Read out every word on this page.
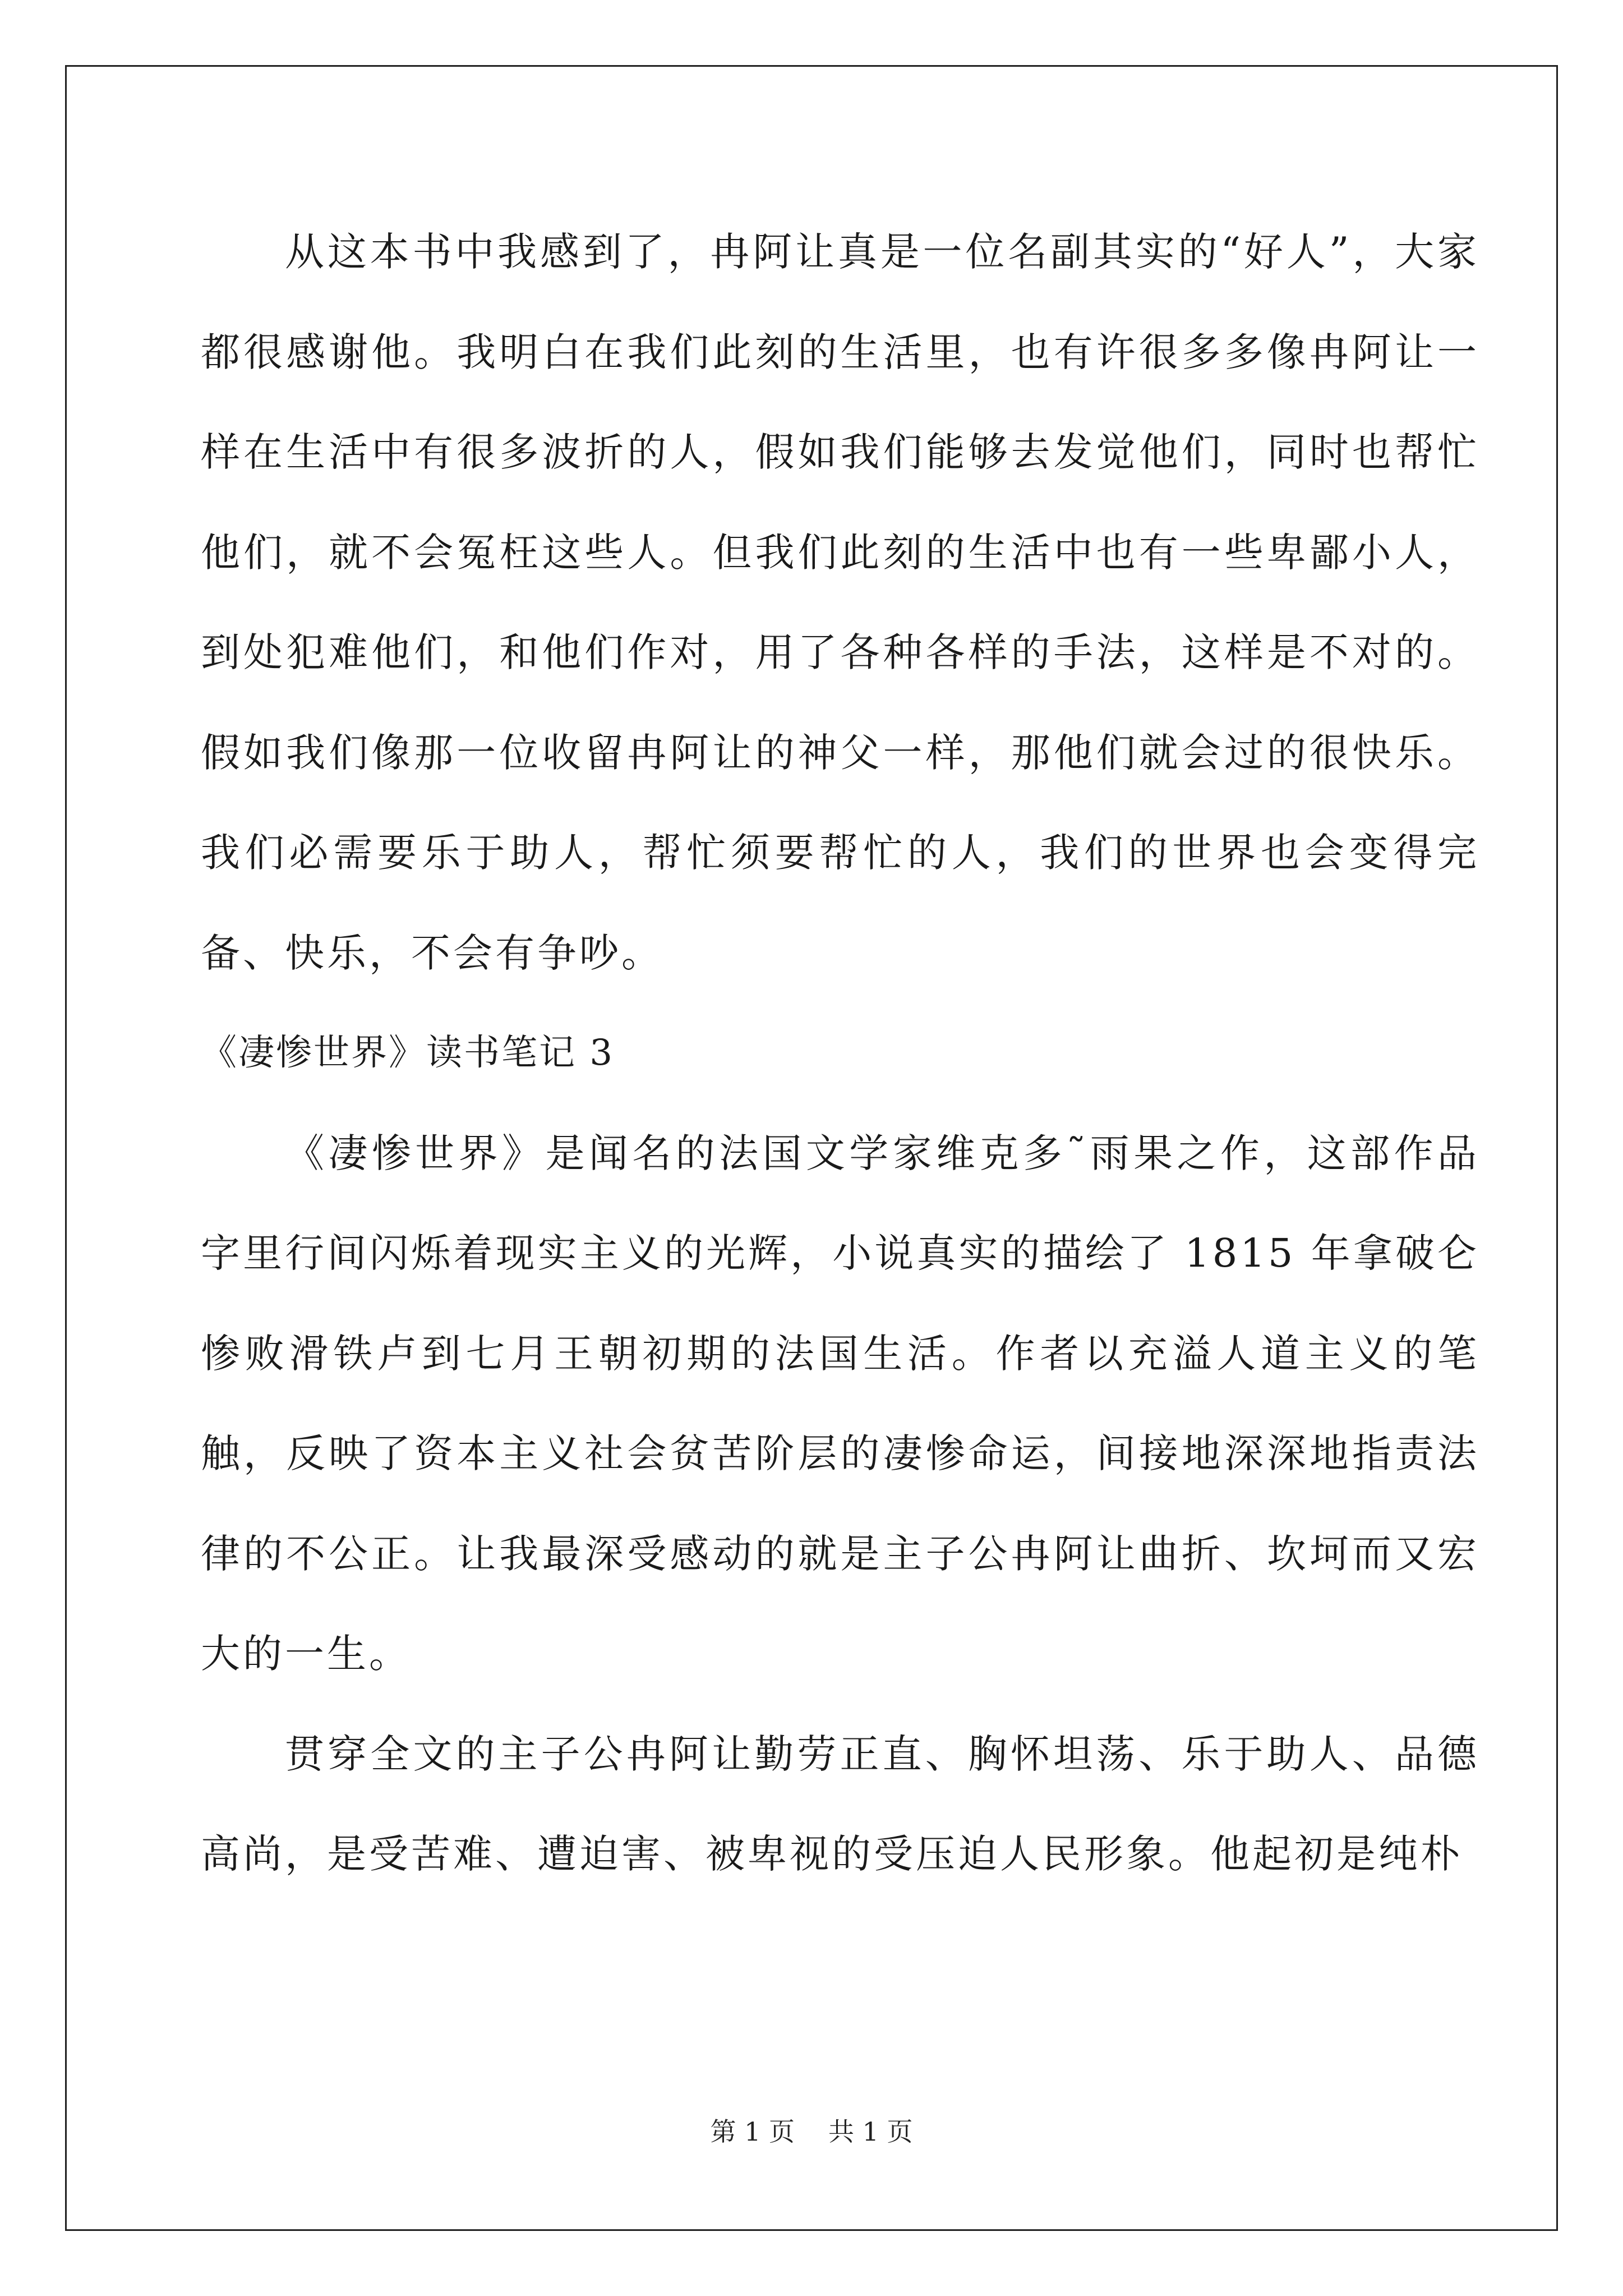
从这本书中我感到了，冉阿让真是一位名副其实的“好人”，大家都很感谢他。我明白在我们此刻的生活里，也有许很多多像冉阿让一样在生活中有很多波折的人，假如我们能够去发觉他们，同时也帮忙他们，就不会冤枉这些人。但我们此刻的生活中也有一些卑鄙小人，到处犯难他们，和他们作对，用了各种各样的手法，这样是不对的。假如我们像那一位收留冉阿让的神父一样，那他们就会过的很快乐。我们必需要乐于助人，帮忙须要帮忙的人，我们的世界也会变得完备、快乐，不会有争吵。

《凄惨世界》读书笔记 3

《凄惨世界》是闻名的法国文学家维克多˜雨果之作，这部作品字里行间闪烁着现实主义的光辉，小说真实的描绘了 1815 年拿破仑惨败滑铁卢到七月王朝初期的法国生活。作者以充溢人道主义的笔触，反映了资本主义社会贫苦阶层的凄惨命运，间接地深深地指责法律的不公正。让我最深受感动的就是主子公冉阿让曲折、坎坷而又宏大的一生。

贯穿全文的主子公冉阿让勤劳正直、胸怀坦荡、乐于助人、品德高尚，是受苦难、遭迫害、被卑视的受压迫人民形象。他起初是纯朴

第 1 页 共 1 页
